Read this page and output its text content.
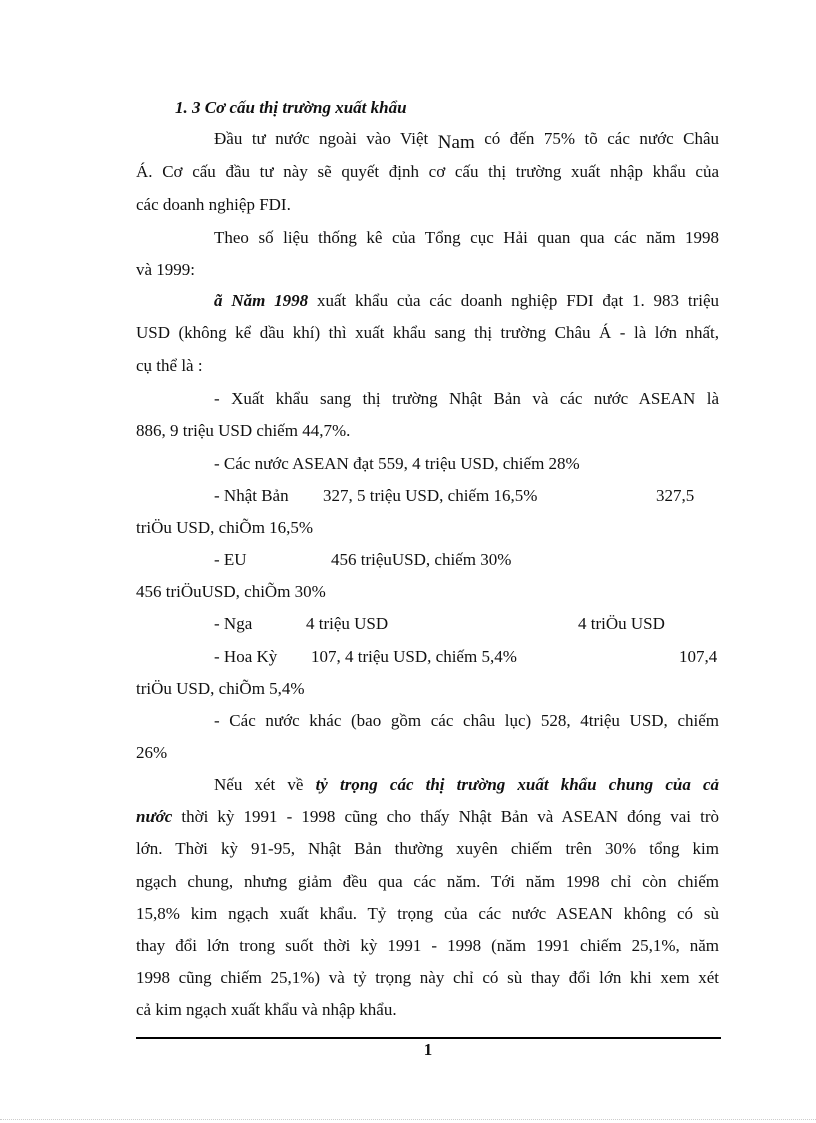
1. 3 Cơ cấu thị trường xuất khẩu
Đầu tư nước ngoài vào Việt Nam có đến 75% tõ các nước Châu
Á. Cơ cấu đầu tư này sẽ quyết định cơ cấu thị trường xuất nhập khẩu của
các doanh nghiệp FDI.
Theo số liệu thống kê của Tổng cục Hải quan qua các năm 1998
và 1999:
ã Năm 1998 xuất khẩu của các doanh nghiệp FDI đạt 1. 983 triệu
USD (không kể dầu khí) thì xuất khẩu sang thị trường Châu Á - là lớn nhất,
cụ thể là :
- Xuất khẩu sang thị trường Nhật Bản và các nước ASEAN là
886, 9 triệu USD chiếm 44,7%.
- Các nước ASEAN đạt 559, 4 triệu USD, chiếm 28%
- Nhật Bản 327, 5 triệu USD, chiếm 16,5%	327,5
triÖu USD, chiÕm 16,5%
- EU	456 triệuUSD, chiếm 30%
456 triÖuUSD, chiÕm 30%
- Nga	4 triệu USD	4 triÖu USD
- Hoa Kỳ 107, 4 triệu USD, chiếm 5,4%	107,4
triÖu USD, chiÕm 5,4%
- Các nước khác (bao gồm các châu lục) 528, 4triệu USD, chiếm
26%
Nếu xét về tỷ trọng các thị trường xuất khẩu chung của cả
nước thời kỳ 1991 - 1998 cũng cho thấy Nhật Bản và ASEAN đóng vai trò
lớn. Thời kỳ 91-95, Nhật Bản thường xuyên chiếm trên 30% tổng kim
ngạch chung, nhưng giảm đều qua các năm. Tới năm 1998 chỉ còn chiếm
15,8% kim ngạch xuất khẩu. Tỷ trọng của các nước ASEAN không có sù
thay đổi lớn trong suốt thời kỳ 1991 - 1998 (năm 1991 chiếm 25,1%, năm
1998 cũng chiếm 25,1%) và tỷ trọng này chỉ có sù thay đổi lớn khi xem xét
cả kim ngạch xuất khẩu và nhập khẩu.
1
